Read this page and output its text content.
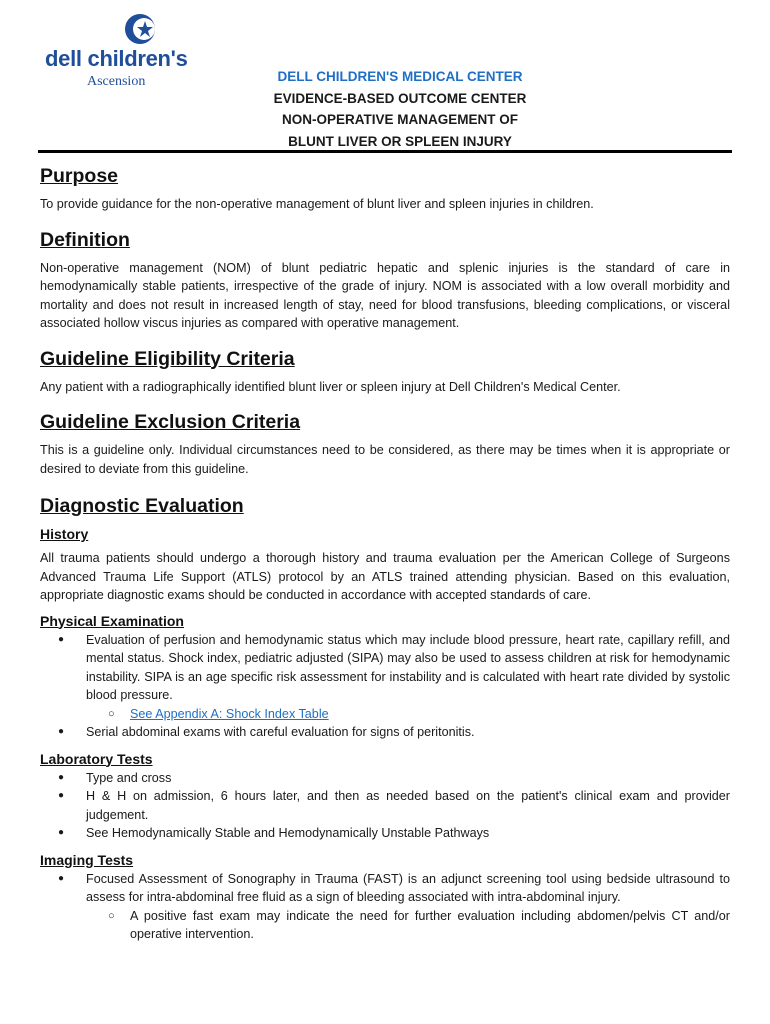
dell children's
Ascension	DELL CHILDREN'S MEDICAL CENTER
EVIDENCE-BASED OUTCOME CENTER
NON-OPERATIVE MANAGEMENT OF
BLUNT LIVER OR SPLEEN INJURY
Purpose

To provide guidance for the non-operative management of blunt liver and spleen injuries in children.

Definition

Non-operative management (NOM) of blunt pediatric hepatic and splenic injuries is the standard of care in hemodynamically stable patients, irrespective of the grade of injury. NOM is associated with a low overall morbidity and mortality and does not result in increased length of stay, need for blood transfusions, bleeding complications, or visceral associated hollow viscus injuries as compared with operative management.

Guideline Eligibility Criteria

Any patient with a radiographically identified blunt liver or spleen injury at Dell Children's Medical Center.

Guideline Exclusion Criteria

This is a guideline only. Individual circumstances need to be considered, as there may be times when it is appropriate or desired to deviate from this guideline.

Diagnostic Evaluation
History

All trauma patients should undergo a thorough history and trauma evaluation per the American College of Surgeons Advanced Trauma Life Support (ATLS) protocol by an ATLS trained attending physician. Based on this evaluation, appropriate diagnostic exams should be conducted in accordance with accepted standards of care.

Physical Examination
● Evaluation of perfusion and hemodynamic status which may include blood pressure, heart rate, capillary refill, and mental status. Shock index, pediatric adjusted (SIPA) may also be used to assess children at risk for hemodynamic instability. SIPA is an age specific risk assessment for instability and is calculated with heart rate divided by systolic blood pressure.
○ See Appendix A: Shock Index Table
● Serial abdominal exams with careful evaluation for signs of peritonitis.
Laboratory Tests
● Type and cross
● H & H on admission, 6 hours later, and then as needed based on the patient's clinical exam and provider judgement.
● See Hemodynamically Stable and Hemodynamically Unstable Pathways
Imaging Tests
● Focused Assessment of Sonography in Trauma (FAST) is an adjunct screening tool using bedside ultrasound to assess for intra-abdominal free fluid as a sign of bleeding associated with intra-abdominal injury.
○ A positive fast exam may indicate the need for further evaluation including abdomen/pelvis CT and/or operative intervention.
